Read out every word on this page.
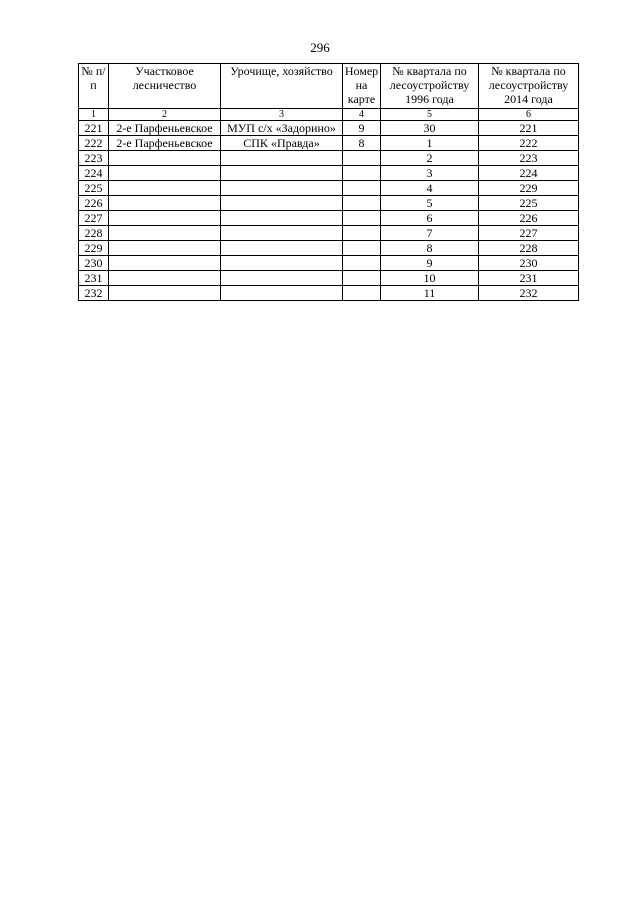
296
№ п/п	Участковое лесничество	Урочище, хозяйство	Номер на карте	№ квартала по лесоустройству 1996 года	№ квартала по лесоустройству 2014 года

1	2	3	4	5	6
221	2-е Парфеньевское	МУП с/х «Задорино»	9	30	221
222	2-е Парфеньевское	СПК «Правда»	8	1	222
223				2	223
224				3	224
225				4	229
226				5	225
227				6	226
228				7	227
229				8	228
230				9	230
231				10	231
232				11	232
